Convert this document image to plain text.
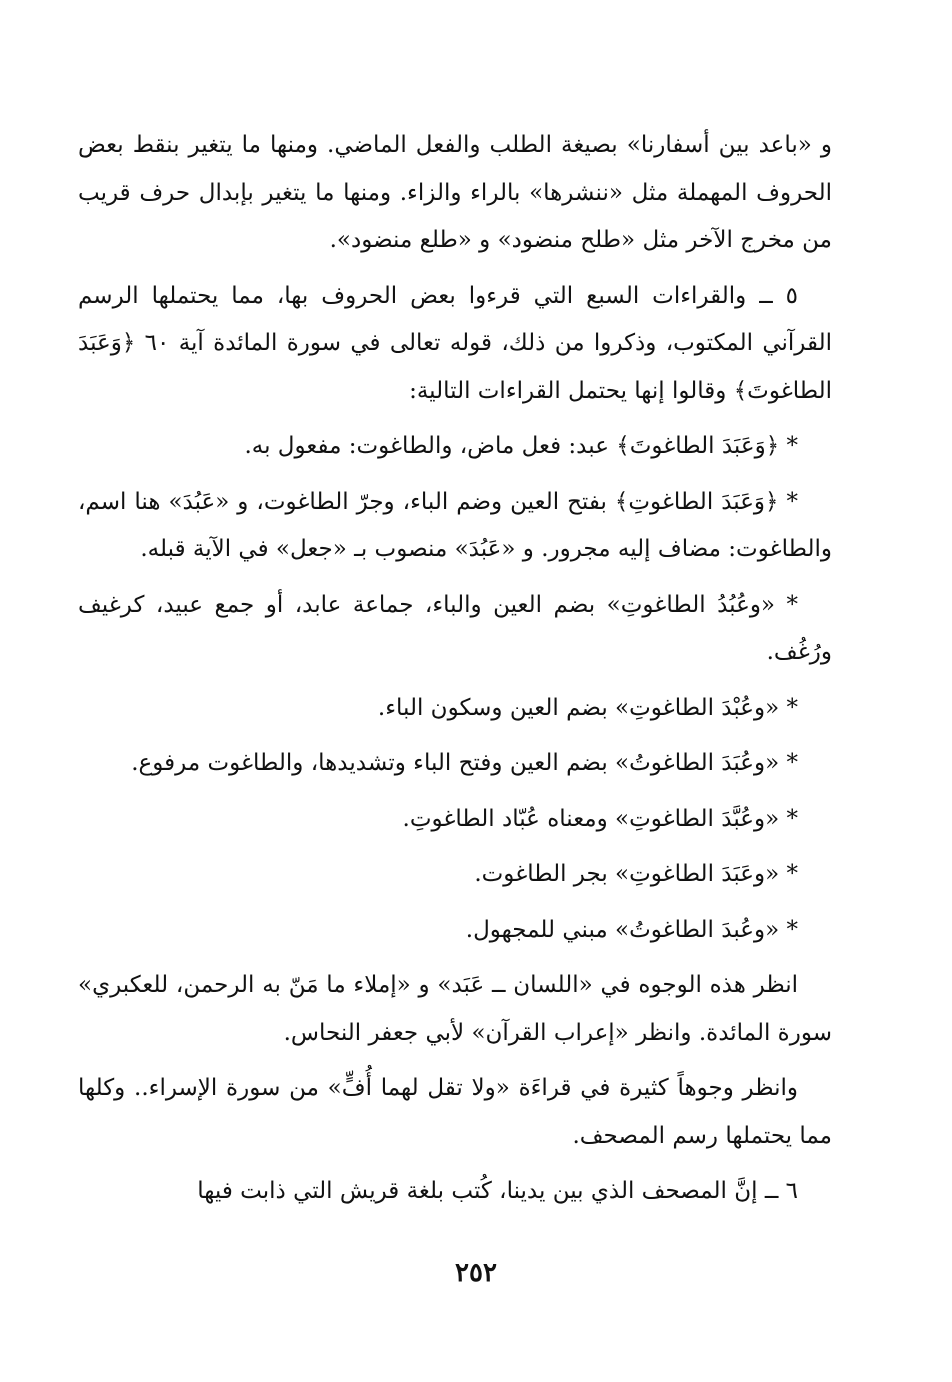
و «باعد بين أسفارنا» بصيغة الطلب والفعل الماضي. ومنها ما يتغير بنقط بعض الحروف المهملة مثل «ننشرها» بالراء والزاء. ومنها ما يتغير بإبدال حرف قريب من مخرج الآخر مثل «طلح منضود» و «طلع منضود».

٥ ــ والقراءات السبع التي قرءوا بعض الحروف بها، مما يحتملها الرسم القرآني المكتوب، وذكروا من ذلك، قوله تعالى في سورة المائدة آية ٦٠ ﴿وَعَبَدَ الطاغوتَ﴾ وقالوا إنها يحتمل القراءات التالية:

* ﴿وَعَبَدَ الطاغوتَ﴾ عبد: فعل ماض، والطاغوت: مفعول به.

* ﴿وَعَبَدَ الطاغوتِ﴾ بفتح العين وضم الباء، وجرّ الطاغوت، و «عَبُدَ» هنا اسم، والطاغوت: مضاف إليه مجرور. و «عَبُدَ» منصوب بـ «جعل» في الآية قبله.

* «وعُبُدُ الطاغوتِ» بضم العين والباء، جماعة عابد، أو جمع عبيد، كرغيف ورُغُف.

* «وعُبْدَ الطاغوتِ» بضم العين وسكون الباء.

* «وعُبَدَ الطاغوتُ» بضم العين وفتح الباء وتشديدها، والطاغوت مرفوع.

* «وعُبَّدَ الطاغوتِ» ومعناه عُبّاد الطاغوتِ.

* «وعَبَدَ الطاغوتِ» بجر الطاغوت.

* «وعُبدَ الطاغوتُ» مبني للمجهول.

انظر هذه الوجوه في «اللسان ــ عَبَد» و «إملاء ما مَنّ به الرحمن، للعكبري» سورة المائدة. وانظر «إعراب القرآن» لأبي جعفر النحاس.

وانظر وجوهاً كثيرة في قراءَة «ولا تقل لهما أُفٍّ» من سورة الإسراء.. وكلها مما يحتملها رسم المصحف.

٦ ــ إنَّ المصحف الذي بين يدينا، كُتب بلغة قريش التي ذابت فيها

٢٥٢
